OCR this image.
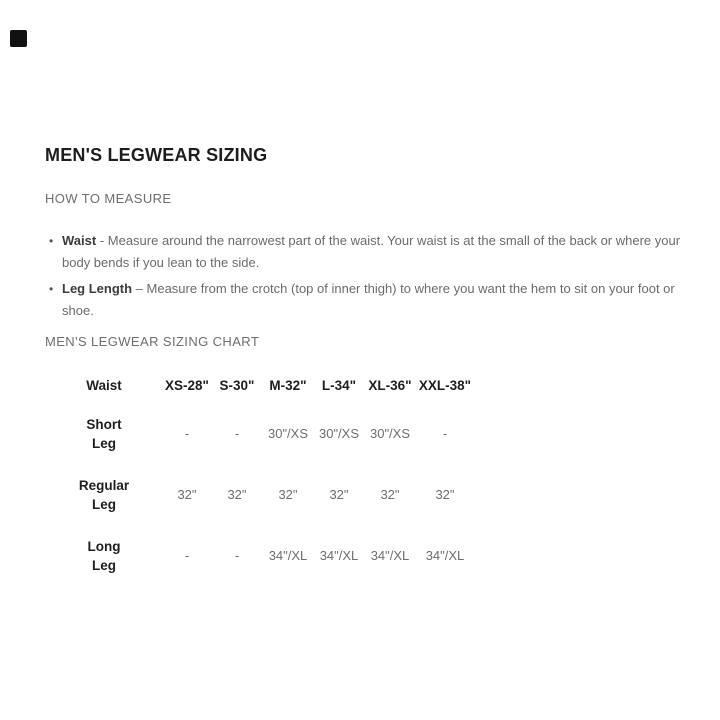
MEN'S LEGWEAR SIZING
HOW TO MEASURE
• Waist - Measure around the narrowest part of the waist. Your waist is at the small of the back or where your body bends if you lean to the side.
• Leg Length – Measure from the crotch (top of inner thigh) to where you want the hem to sit on your foot or shoe.
MEN'S LEGWEAR SIZING CHART
Waist		XS-28"	S-30"	M-32"	L-34"	XL-36"	XXL-38"

Short
Leg		-	-	30"/XS	30"/XS	30"/XS	-

Regular
Leg		32"	32"	32"	32"	32"	32"

Long
Leg		-	-	34"/XL	34"/XL	34"/XL	34"/XL
